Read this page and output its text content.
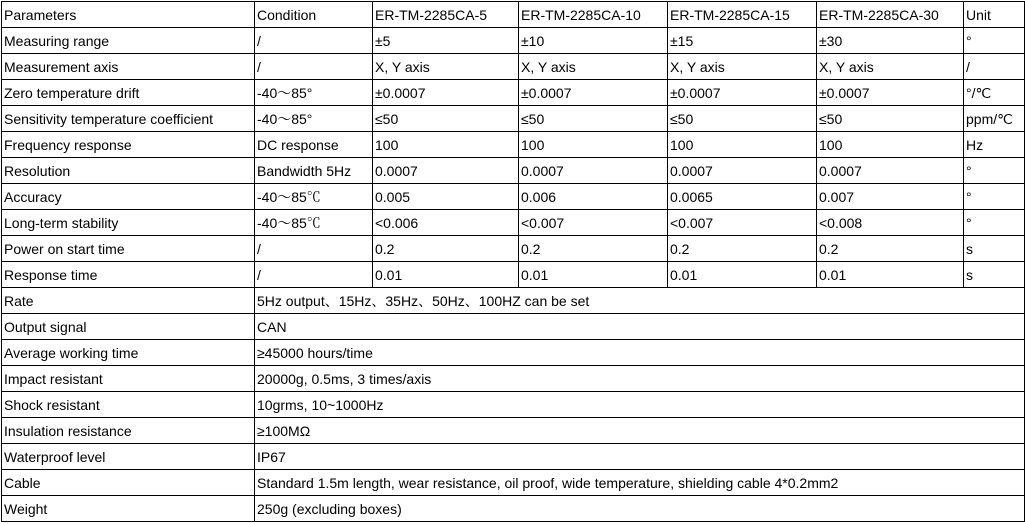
Parameters	Condition	ER-TM-2285CA-5	ER-TM-2285CA-10	ER-TM-2285CA-15	ER-TM-2285CA-30	Unit
Measuring range	/	±5	±10	±15	±30	°
Measurement axis	/	X, Y axis	X, Y axis	X, Y axis	X, Y axis	/
Zero temperature drift	-40～85°	±0.0007	±0.0007	±0.0007	±0.0007	°/℃
Sensitivity temperature coefficient	-40～85°	≤50	≤50	≤50	≤50	ppm/℃
Frequency response	DC response	100	100	100	100	Hz
Resolution	Bandwidth 5Hz	0.0007	0.0007	0.0007	0.0007	°
Accuracy	-40～85℃	0.005	0.006	0.0065	0.007	°
Long-term stability	-40～85℃	<0.006	<0.007	<0.007	<0.008	°
Power on start time	/	0.2	0.2	0.2	0.2	s
Response time	/	0.01	0.01	0.01	0.01	s
Rate	5Hz output、15Hz、35Hz、50Hz、100HZ can be set					
Output signal	CAN					
Average working time	≥45000 hours/time					
Impact resistant	20000g, 0.5ms, 3 times/axis					
Shock resistant	10grms, 10~1000Hz					
Insulation resistance	≥100MΩ					
Waterproof level	IP67					
Cable	Standard 1.5m length, wear resistance, oil proof, wide temperature, shielding cable 4*0.2mm2					
Weight	250g (excluding boxes)					
